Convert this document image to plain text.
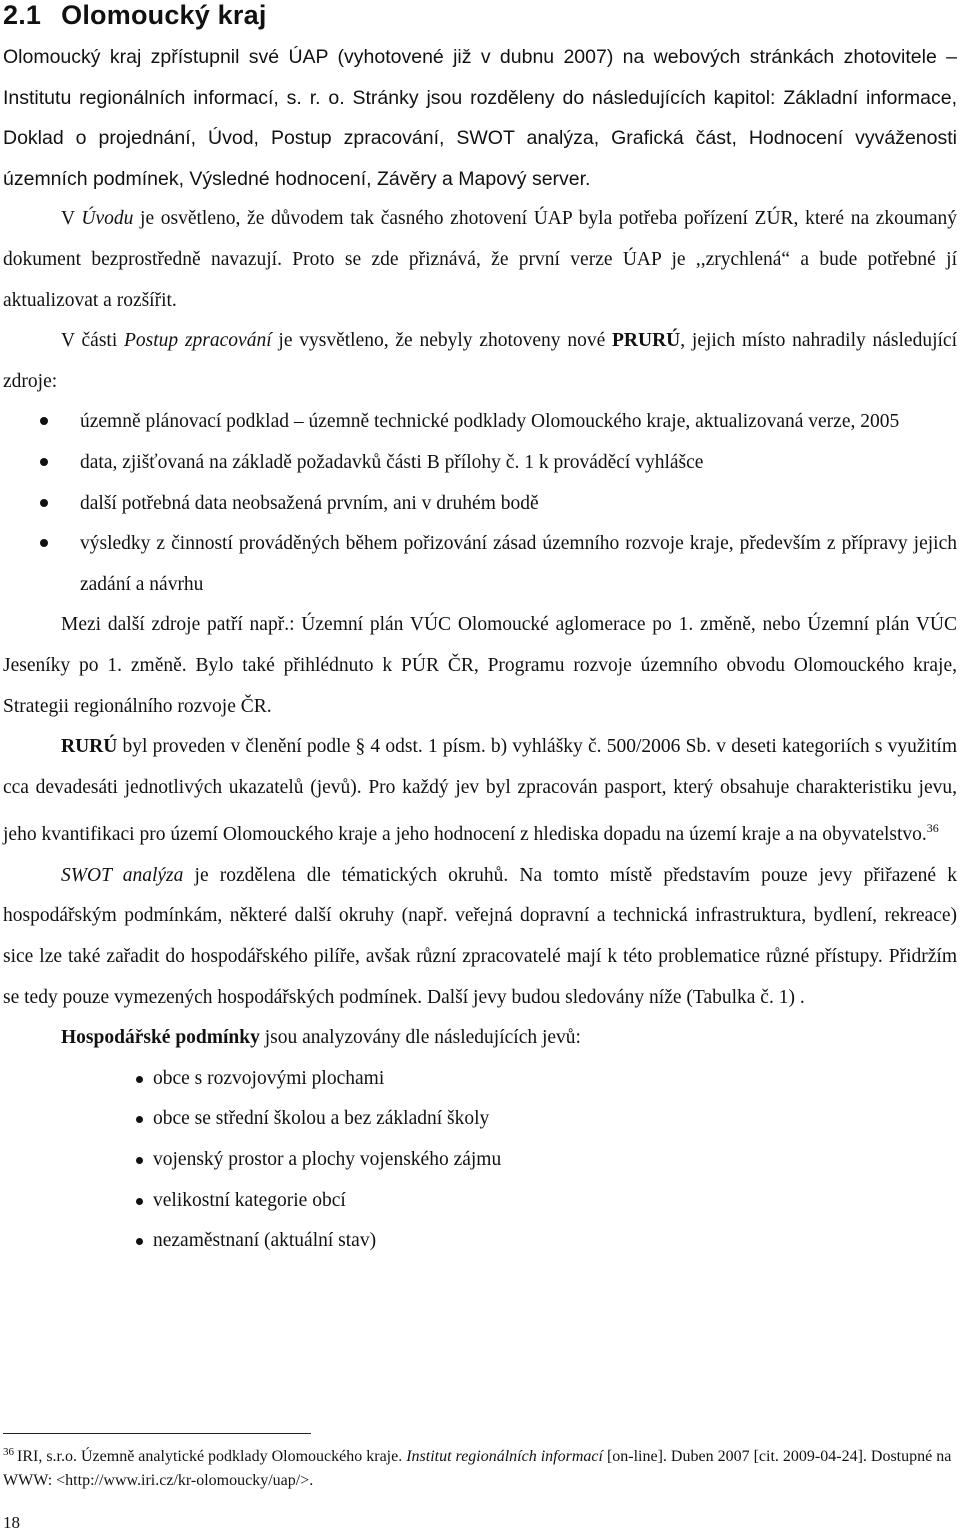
2.1 Olomoucký kraj

Olomoucký kraj zpřístupnil své ÚAP (vyhotovené již v dubnu 2007) na webových stránkách zhotovitele – Institutu regionálních informací, s. r. o. Stránky jsou rozděleny do následujících kapitol: Základní informace, Doklad o projednání, Úvod, Postup zpracování, SWOT analýza, Grafická část, Hodnocení vyváženosti územních podmínek, Výsledné hodnocení, Závěry a Mapový server.

V Úvodu je osvětleno, že důvodem tak časného zhotovení ÚAP byla potřeba pořízení ZÚR, které na zkoumaný dokument bezprostředně navazují. Proto se zde přiznává, že první verze ÚAP je ,,zrychlená“ a bude potřebné jí aktualizovat a rozšířit.

V části Postup zpracování je vysvětleno, že nebyly zhotoveny nové PRURÚ, jejich místo nahradily následující zdroje:

územně plánovací podklad – územně technické podklady Olomouckého kraje, aktualizovaná verze, 2005
data, zjišťovaná na základě požadavků části B přílohy č. 1 k prováděcí vyhlášce
další potřebná data neobsažená prvním, ani v druhém bodě
výsledky z činností prováděných během pořizování zásad územního rozvoje kraje, především z přípravy jejich zadání a návrhu

Mezi další zdroje patří např.: Územní plán VÚC Olomoucké aglomerace po 1. změně, nebo Územní plán VÚC Jeseníky po 1. změně. Bylo také přihlédnuto k PÚR ČR, Programu rozvoje územního obvodu Olomouckého kraje, Strategii regionálního rozvoje ČR.

RURÚ byl proveden v členění podle § 4 odst. 1 písm. b) vyhlášky č. 500/2006 Sb. v deseti kategoriích s využitím cca devadesáti jednotlivých ukazatelů (jevů). Pro každý jev byl zpracován pasport, který obsahuje charakteristiku jevu, jeho kvantifikaci pro území Olomouckého kraje a jeho hodnocení z hlediska dopadu na území kraje a na obyvatelstvo.$^{36}$

SWOT analýza je rozdělena dle tématických okruhů. Na tomto místě představím pouze jevy přiřazené k hospodářským podmínkám, některé další okruhy (např. veřejná dopravní a technická infrastruktura, bydlení, rekreace) sice lze také zařadit do hospodářského pilíře, avšak různí zpracovatelé mají k této problematice různé přístupy. Přidržím se tedy pouze vymezených hospodářských podmínek. Další jevy budou sledovány níže (Tabulka č. 1) .

Hospodářské podmínky jsou analyzovány dle následujících jevů:

obce s rozvojovými plochami
obce se střední školou a bez základní školy
vojenský prostor a plochy vojenského zájmu
velikostní kategorie obcí
nezaměstnaní (aktuální stav)

$^{36}$ IRI, s.r.o. Územně analytické podklady Olomouckého kraje. Institut regionálních informací [on-line]. Duben 2007 [cit. 2009-04-24]. Dostupné na WWW: <http://www.iri.cz/kr-olomoucky/uap/>.

18
